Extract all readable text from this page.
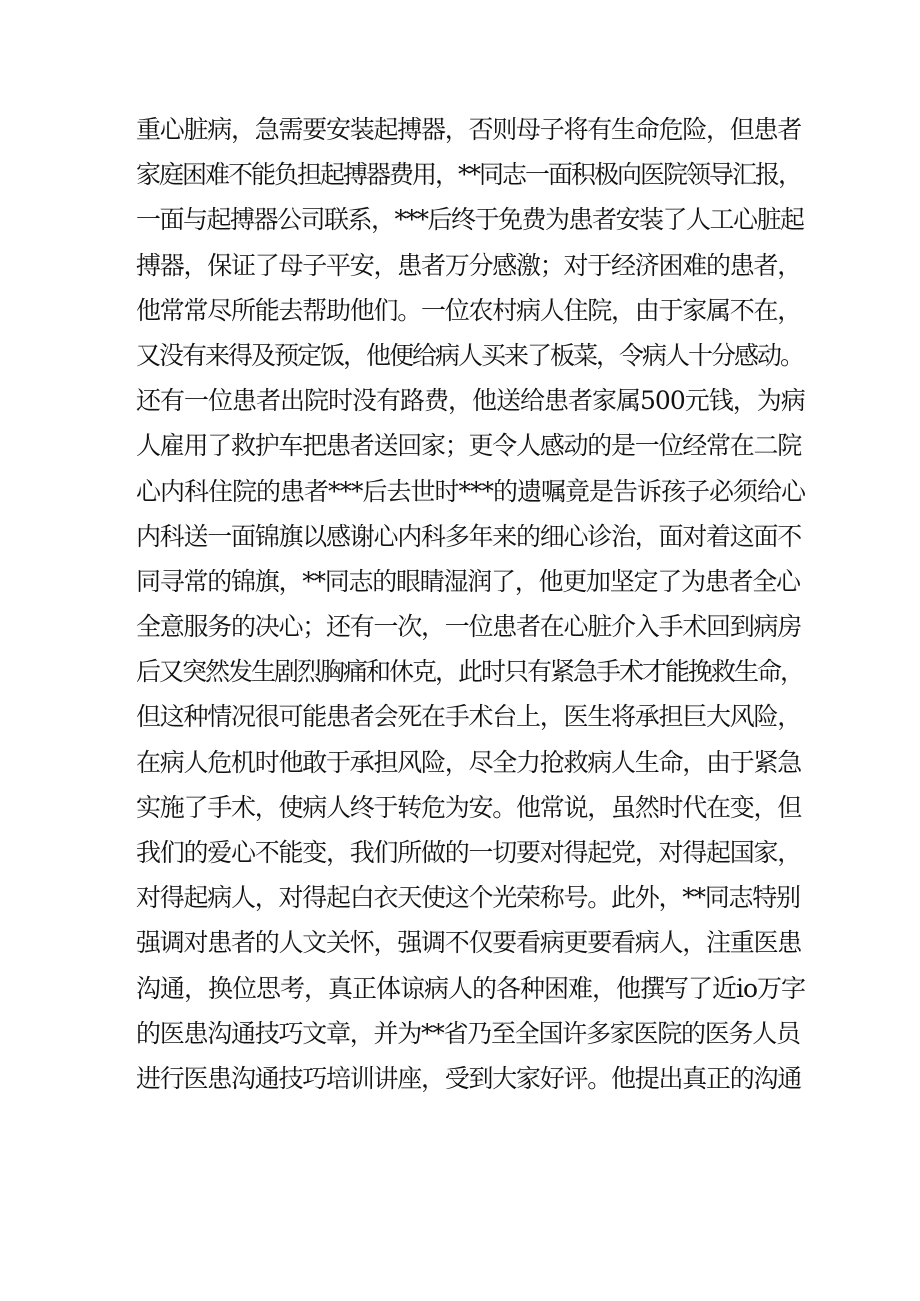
重心脏病，急需要安装起搏器，否则母子将有生命危险，但患者
家庭困难不能负担起搏器费用，**同志一面积极向医院领导汇报，
一面与起搏器公司联系，***后终于免费为患者安装了人工心脏起
搏器，保证了母子平安，患者万分感激；对于经济困难的患者，
他常常尽所能去帮助他们。一位农村病人住院，由于家属不在，
又没有来得及预定饭，他便给病人买来了板菜，令病人十分感动。
还有一位患者出院时没有路费，他送给患者家属500元钱，为病
人雇用了救护车把患者送回家；更令人感动的是一位经常在二院
心内科住院的患者***后去世时***的遗嘱竟是告诉孩子必须给心
内科送一面锦旗以感谢心内科多年来的细心诊治，面对着这面不
同寻常的锦旗，**同志的眼睛湿润了，他更加坚定了为患者全心
全意服务的决心；还有一次，一位患者在心脏介入手术回到病房
后又突然发生剧烈胸痛和休克，此时只有紧急手术才能挽救生命，
但这种情况很可能患者会死在手术台上，医生将承担巨大风险，
在病人危机时他敢于承担风险，尽全力抢救病人生命，由于紧急
实施了手术，使病人终于转危为安。他常说，虽然时代在变，但
我们的爱心不能变，我们所做的一切要对得起党，对得起国家，
对得起病人，对得起白衣天使这个光荣称号。此外，**同志特别
强调对患者的人文关怀，强调不仅要看病更要看病人，注重医患
沟通，换位思考，真正体谅病人的各种困难，他撰写了近io万字
的医患沟通技巧文章，并为**省乃至全国许多家医院的医务人员
进行医患沟通技巧培训讲座，受到大家好评。他提出真正的沟通
